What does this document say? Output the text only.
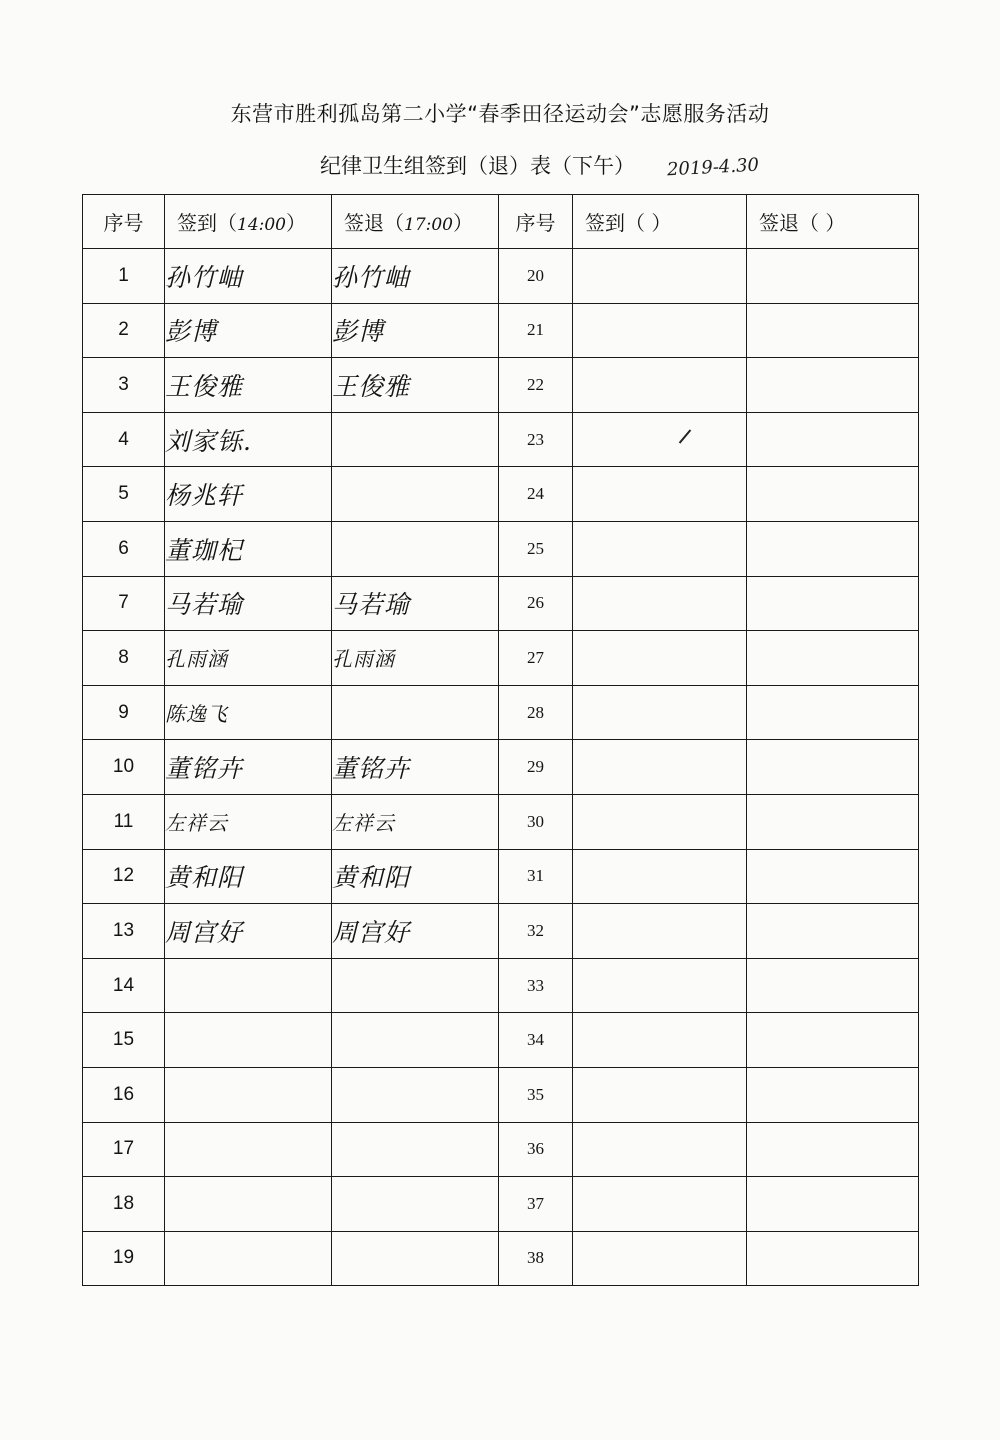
东营市胜利孤岛第二小学“春季田径运动会”志愿服务活动
纪律卫生组签到（退）表（下午） 2019-4.30
序号	签到（14:00）	签退（17:00）	序号	签到（ ）	签退（ ）
1	孙竹岫	孙竹岫	20		
2	彭博	彭博	21		
3	王俊雅	王俊雅	22		
4	刘家铄.		23		
5	杨兆轩		24		
6	董珈杞		25		
7	马若瑜	马若瑜	26		
8	孔雨涵	孔雨涵	27		
9	陈逸飞		28		
10	董铭卉	董铭卉	29		
11	左祥云	左祥云	30		
12	黄和阳	黄和阳	31		
13	周宫好	周宫好	32		
14			33		
15			34		
16			35		
17			36		
18			37		
19			38		
